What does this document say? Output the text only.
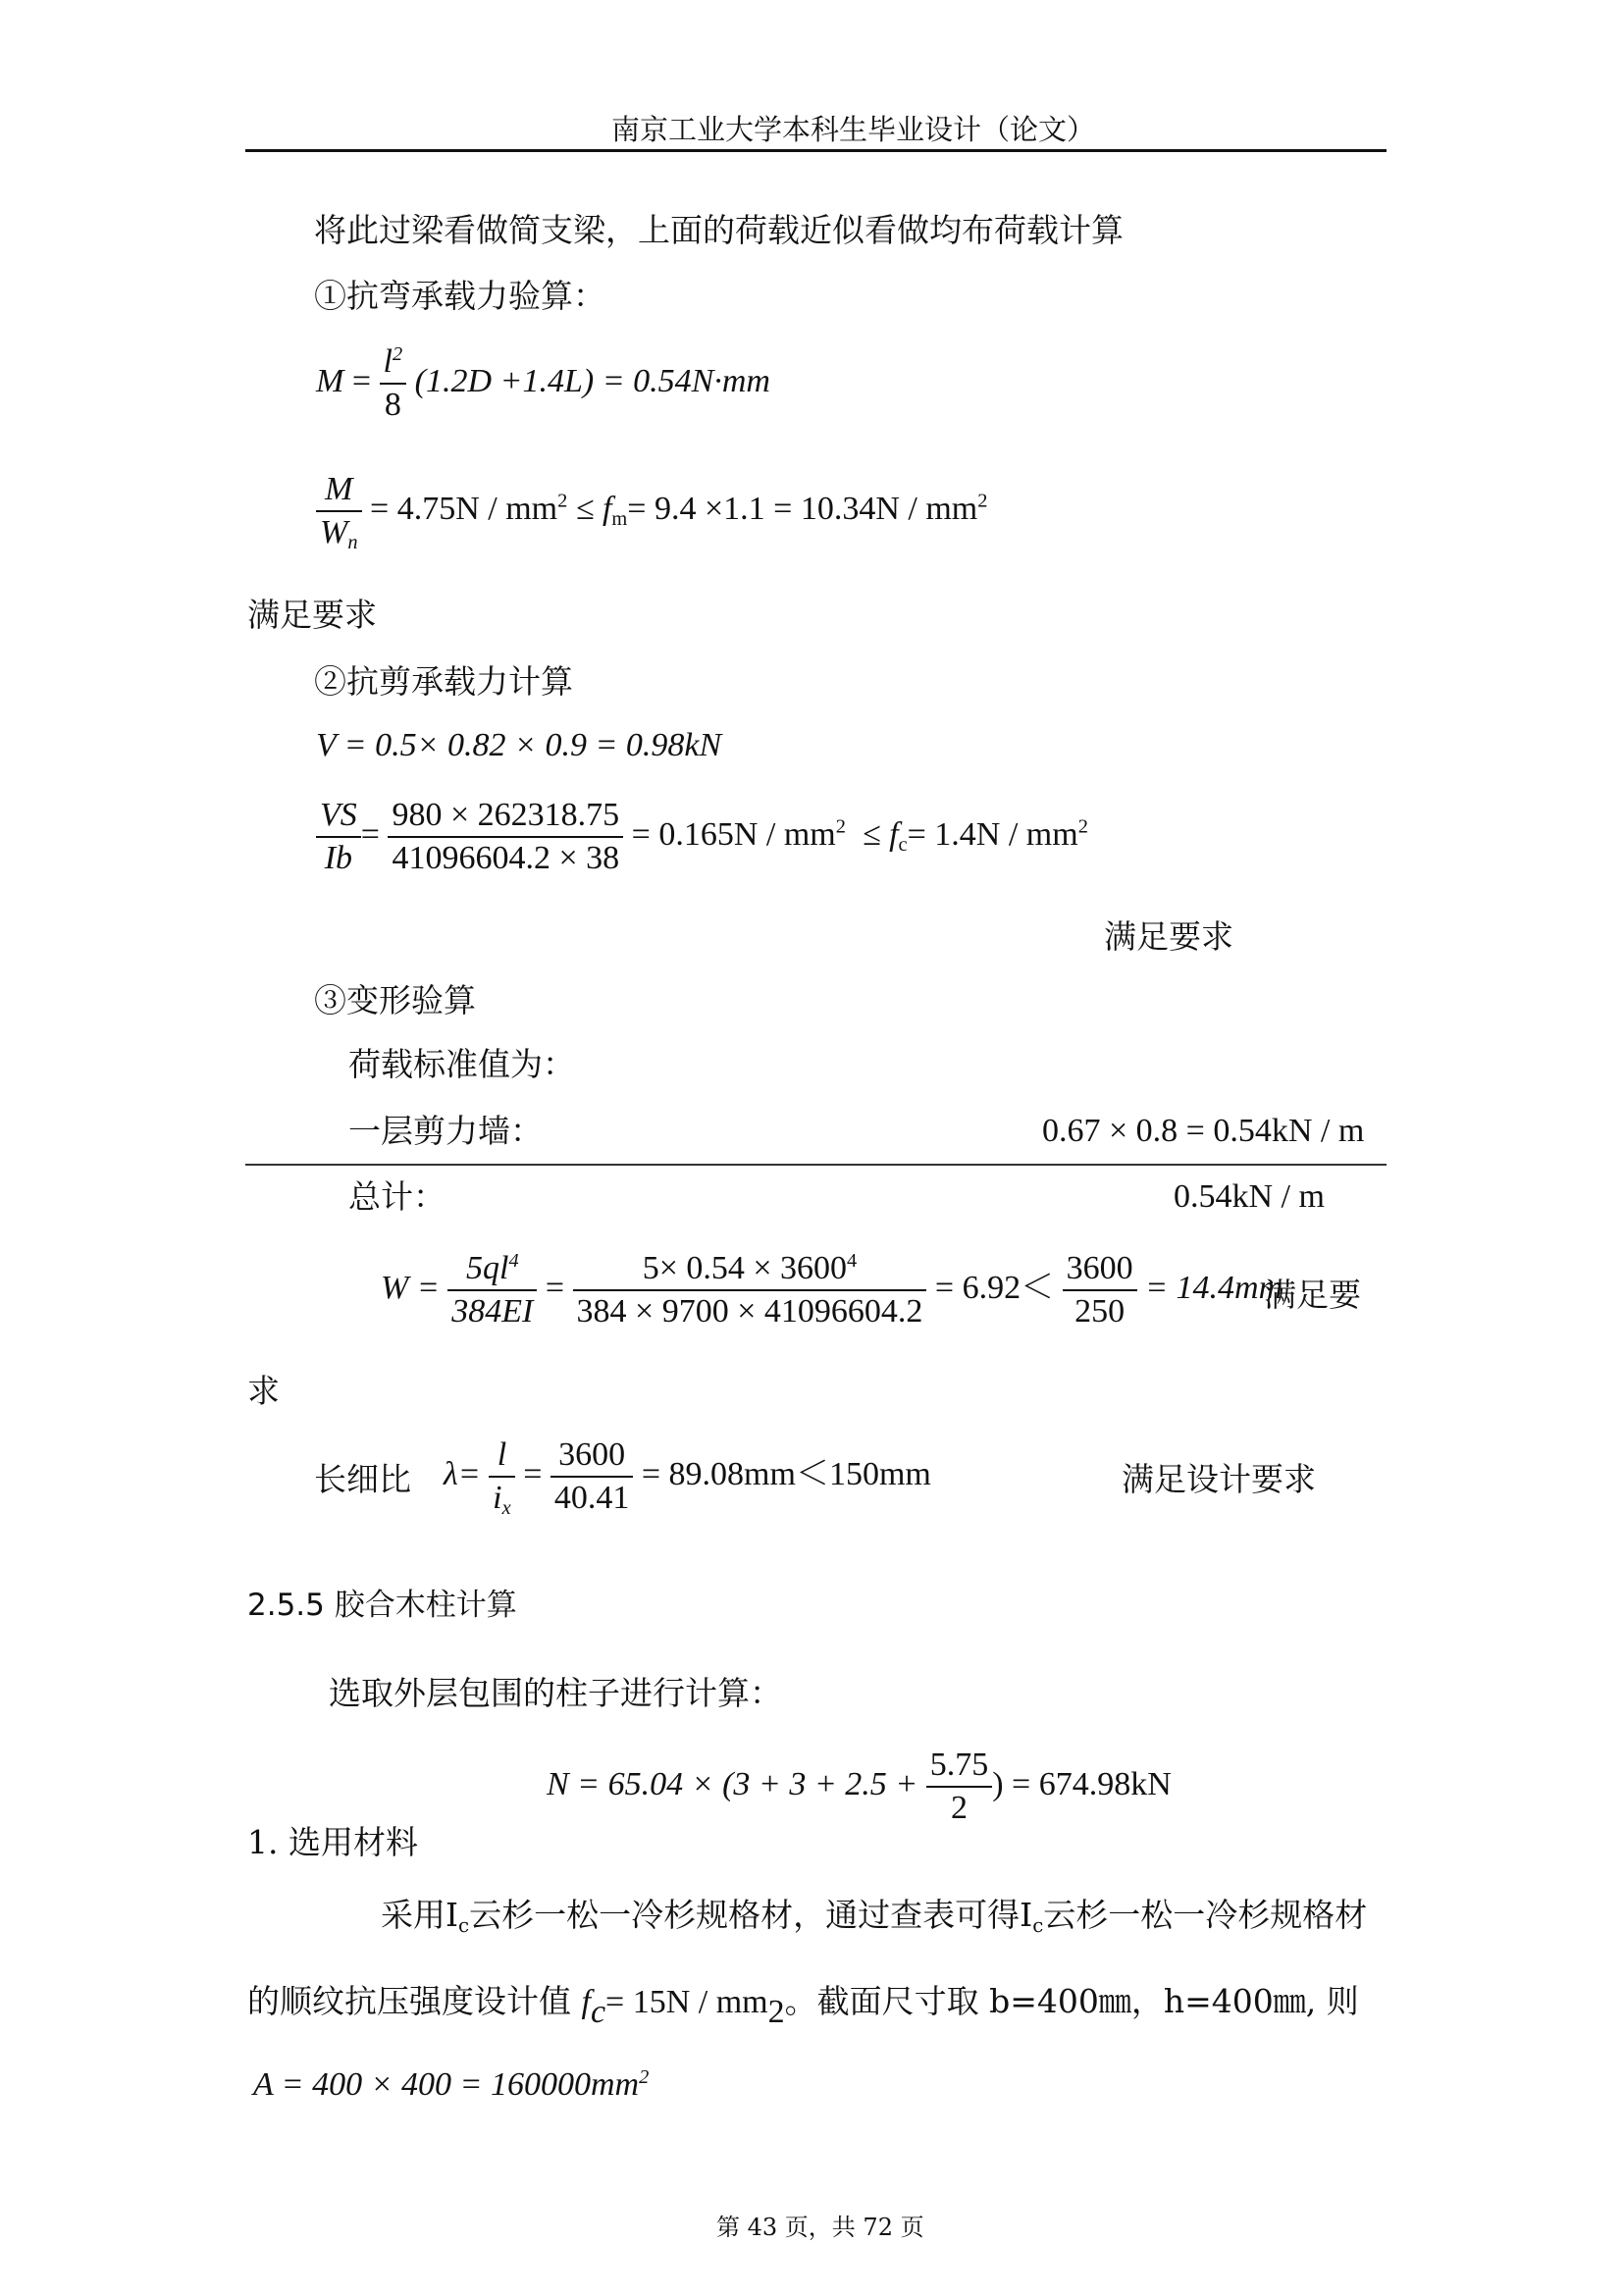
南京工业大学本科生毕业设计（论文）
将此过梁看做简支梁，上面的荷载近似看做均布荷载计算
①抗弯承载力验算：
$M = \frac{l^2}{8} (1.2D +1.4L) = 0.54N\cdot mm$
$\frac{M}{W_n} = 4.75N / mm^2 \le f_m= 9.4 \times 1.1 = 10.34N / mm^2$
满足要求
②抗剪承载力计算
V = 0.5× 0.82 × 0.9 = 0.98kN
$\frac{VS}{Ib} = \frac{980 \times 262318.75}{41096604.2 \times 38} = 0.165N / mm^2 \le f_c= 1.4N / mm^2$
满足要求
③变形验算
荷载标准值为：
一层剪力墙：	0.67 × 0.8 = 0.54kN / m
总计：	0.54kN / m
$W = \frac{5ql^4}{384EI} = \frac{5\times 0.54 \times 3600^4}{384 \times 9700 \times 41096604.2} = 6.92< \frac{3600}{250} = 14.4mm$
满足要
求
长细比 $\lambda= \frac{l}{i_x} = \frac{3600}{40.41} = 89.08mm<150mm$	满足设计要求
2.5.5 胶合木柱计算
选取外层包围的柱子进行计算：
$N = 65.04 \times (3 + 3 + 2.5 + \frac{5.75}{2}$ ) = 674.98kN
1. 选用材料
采用$I_c$云杉一松一冷杉规格材，通过查表可得$I_c$云杉一松一冷杉规格材
的顺纹抗压强度设计值 $f_c= 15N / mm_2$。截面尺寸取 b=400㎜，h=400㎜, 则
$A = 400 \times 400 = 160000mm^2$
第 43 页，共 72 页
